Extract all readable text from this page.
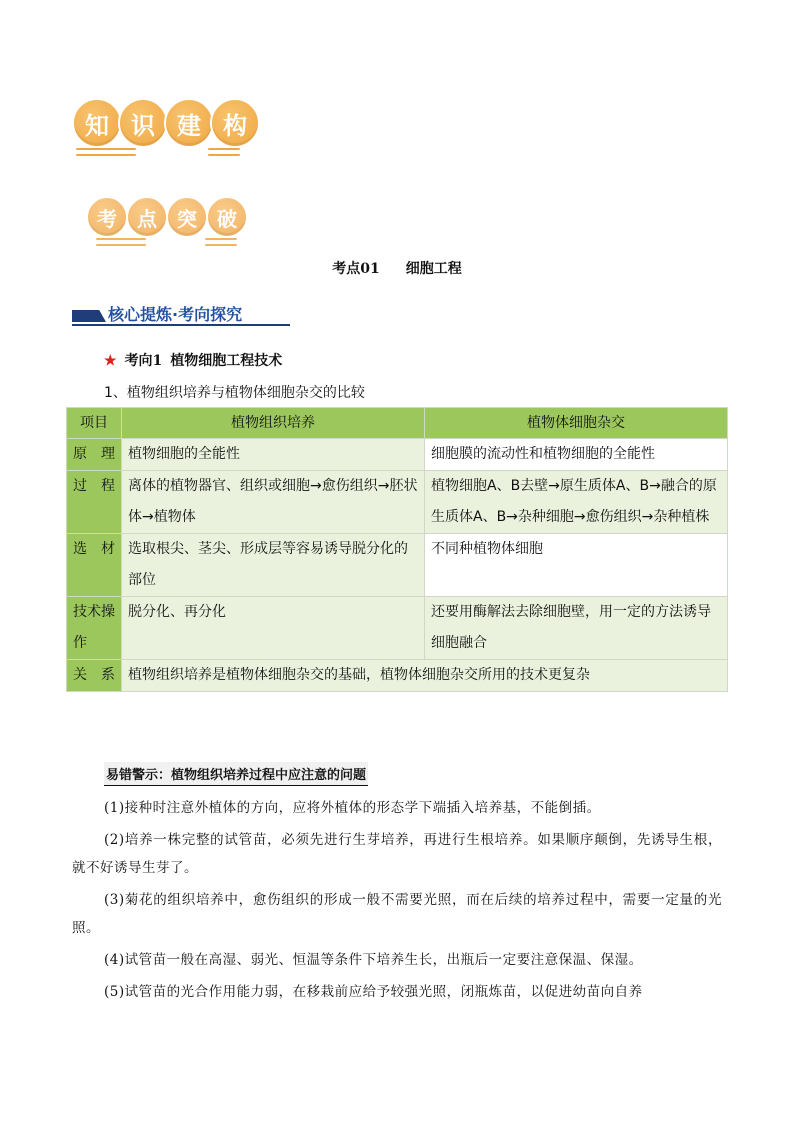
知 识 建 构
考	点	突	破
考点01 细胞工程
核心提炼·考向探究
★ 考向1 植物细胞工程技术
1、植物组织培养与植物体细胞杂交的比较
项目	植物组织培养	植物体细胞杂交
原理	植物细胞的全能性	细胞膜的流动性和植物细胞的全能性
过程	离体的植物器官、组织或细胞→愈伤组织→胚状体→植物体	植物细胞A、B去壁→原生质体A、B→融合的原生质体A、B→杂种细胞→愈伤组织→杂种植株
选材	选取根尖、茎尖、形成层等容易诱导脱分化的部位	不同种植物体细胞
技术操作	脱分化、再分化	还要用酶解法去除细胞壁，用一定的方法诱导细胞融合
关系	植物组织培养是植物体细胞杂交的基础，植物体细胞杂交所用的技术更复杂	
易错警示：植物组织培养过程中应注意的问题

(1)接种时注意外植体的方向，应将外植体的形态学下端插入培养基，不能倒插。

(2)培养一株完整的试管苗，必须先进行生芽培养，再进行生根培养。如果顺序颠倒，先诱导生根，就不好诱导生芽了。

(3)菊花的组织培养中，愈伤组织的形成一般不需要光照，而在后续的培养过程中，需要一定量的光照。

(4)试管苗一般在高湿、弱光、恒温等条件下培养生长，出瓶后一定要注意保温、保湿。

(5)试管苗的光合作用能力弱，在移栽前应给予较强光照，闭瓶炼苗，以促进幼苗向自养
